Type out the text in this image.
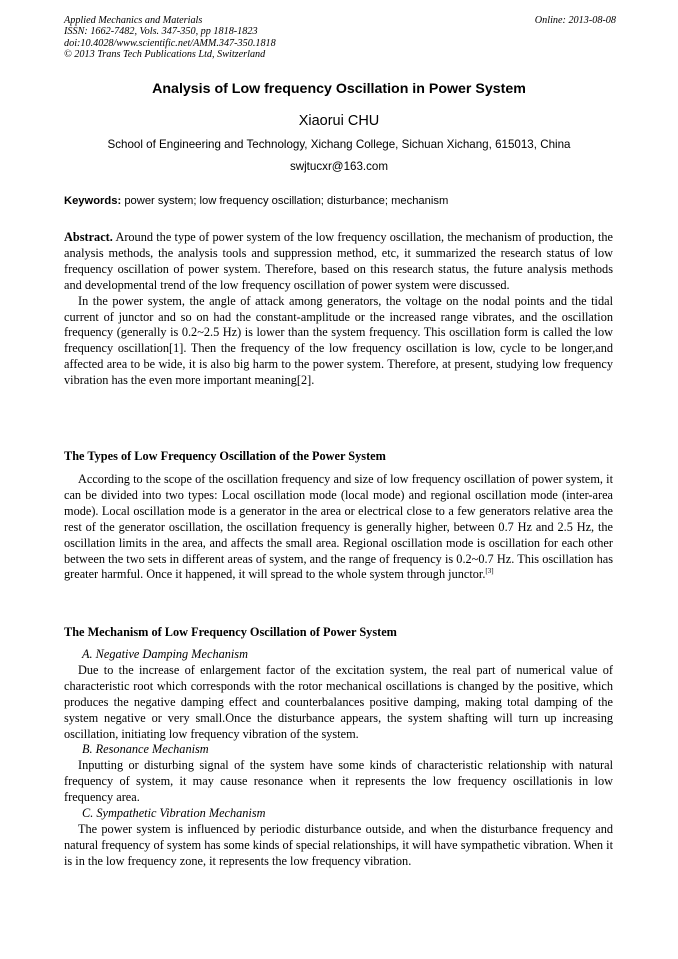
Applied Mechanics and Materials
ISSN: 1662-7482, Vols. 347-350, pp 1818-1823
doi:10.4028/www.scientific.net/AMM.347-350.1818
© 2013 Trans Tech Publications Ltd, Switzerland
Online: 2013-08-08
Analysis of Low frequency Oscillation in Power System
Xiaorui CHU
School of Engineering and Technology, Xichang College, Sichuan Xichang, 615013, China
swjtucxr@163.com
Keywords: power system; low frequency oscillation; disturbance; mechanism

Abstract. Around the type of power system of the low frequency oscillation, the mechanism of production, the analysis methods, the analysis tools and suppression method, etc, it summarized the research status of low frequency oscillation of power system. Therefore, based on this research status, the future analysis methods and developmental trend of the low frequency oscillation of power system were discussed.

In the power system, the angle of attack among generators, the voltage on the nodal points and the tidal current of junctor and so on had the constant-amplitude or the increased range vibrates, and the oscillation frequency (generally is 0.2~2.5 Hz) is lower than the system frequency. This oscillation form is called the low frequency oscillation[1]. Then the frequency of the low frequency oscillation is low, cycle to be longer,and affected area to be wide, it is also big harm to the power system. Therefore, at present, studying low frequency vibration has the even more important meaning[2].

The Types of Low Frequency Oscillation of the Power System

According to the scope of the oscillation frequency and size of low frequency oscillation of power system, it can be divided into two types: Local oscillation mode (local mode) and regional oscillation mode (inter-area mode). Local oscillation mode is a generator in the area or electrical close to a few generators relative area the rest of the generator oscillation, the oscillation frequency is generally higher, between 0.7 Hz and 2.5 Hz, the oscillation limits in the area, and affects the small area. Regional oscillation mode is oscillation for each other between the two sets in different areas of system, and the range of frequency is 0.2~0.7 Hz. This oscillation has greater harmful. Once it happened, it will spread to the whole system through junctor.[3]

The Mechanism of Low Frequency Oscillation of Power System

A. Negative Damping Mechanism

Due to the increase of enlargement factor of the excitation system, the real part of numerical value of characteristic root which corresponds with the rotor mechanical oscillations is changed by the positive, which produces the negative damping effect and counterbalances positive damping, making total damping of the system negative or very small.Once the disturbance appears, the system shafting will turn up increasing oscillation, initiating low frequency vibration of the system.

B. Resonance Mechanism

Inputting or disturbing signal of the system have some kinds of characteristic relationship with natural frequency of system, it may cause resonance when it represents the low frequency oscillationis in low frequency area.

C. Sympathetic Vibration Mechanism

The power system is influenced by periodic disturbance outside, and when the disturbance frequency and natural frequency of system has some kinds of special relationships, it will have sympathetic vibration. When it is in the low frequency zone, it represents the low frequency vibration.
